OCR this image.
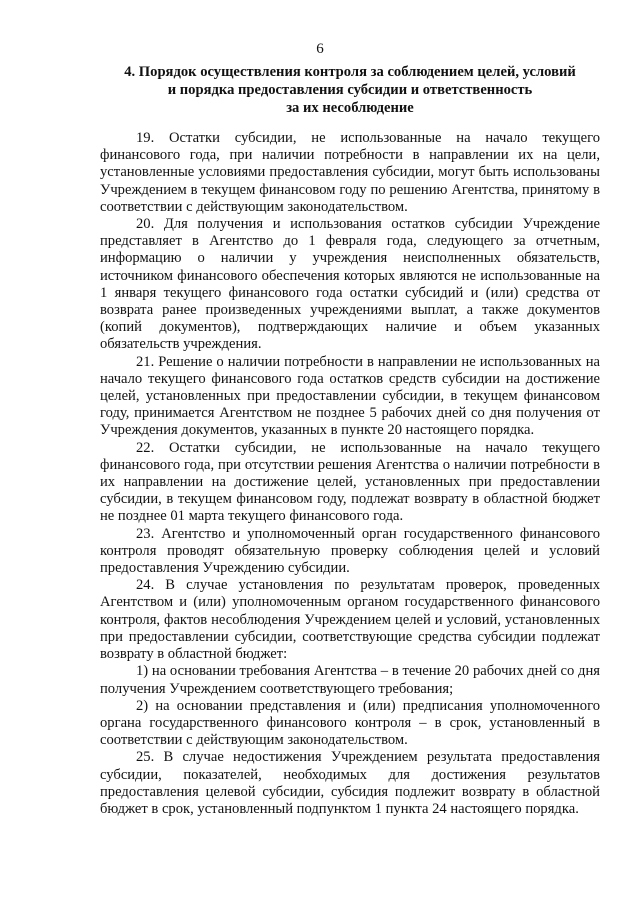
6
4. Порядок осуществления контроля за соблюдением целей, условий
и порядка предоставления субсидии и ответственность
за их несоблюдение

19. Остатки субсидии, не использованные на начало текущего финансового года, при наличии потребности в направлении их на цели, установленные условиями предоставления субсидии, могут быть использованы Учреждением в текущем финансовом году по решению Агентства, принятому в соответствии с действующим законодательством.

20. Для получения и использования остатков субсидии Учреждение представляет в Агентство до 1 февраля года, следующего за отчетным, информацию о наличии у учреждения неисполненных обязательств, источником финансового обеспечения которых являются не использованные на 1 января текущего финансового года остатки субсидий и (или) средства от возврата ранее произведенных учреждениями выплат, а также документов (копий документов), подтверждающих наличие и объем указанных обязательств учреждения.

21. Решение о наличии потребности в направлении не использованных на начало текущего финансового года остатков средств субсидии на достижение целей, установленных при предоставлении субсидии, в текущем финансовом году, принимается Агентством не позднее 5 рабочих дней со дня получения от Учреждения документов, указанных в пункте 20 настоящего порядка.

22. Остатки субсидии, не использованные на начало текущего финансового года, при отсутствии решения Агентства о наличии потребности в их направлении на достижение целей, установленных при предоставлении субсидии, в текущем финансовом году, подлежат возврату в областной бюджет не позднее 01 марта текущего финансового года.

23. Агентство и уполномоченный орган государственного финансового контроля проводят обязательную проверку соблюдения целей и условий предоставления Учреждению субсидии.

24. В случае установления по результатам проверок, проведенных Агентством и (или) уполномоченным органом государственного финансового контроля, фактов несоблюдения Учреждением целей и условий, установленных при предоставлении субсидии, соответствующие средства субсидии подлежат возврату в областной бюджет:

1) на основании требования Агентства – в течение 20 рабочих дней со дня получения Учреждением соответствующего требования;

2) на основании представления и (или) предписания уполномоченного органа государственного финансового контроля – в срок, установленный в соответствии с действующим законодательством.

25. В случае недостижения Учреждением результата предоставления субсидии, показателей, необходимых для достижения результатов предоставления целевой субсидии, субсидия подлежит возврату в областной бюджет в срок, установленный подпунктом 1 пункта 24 настоящего порядка.
